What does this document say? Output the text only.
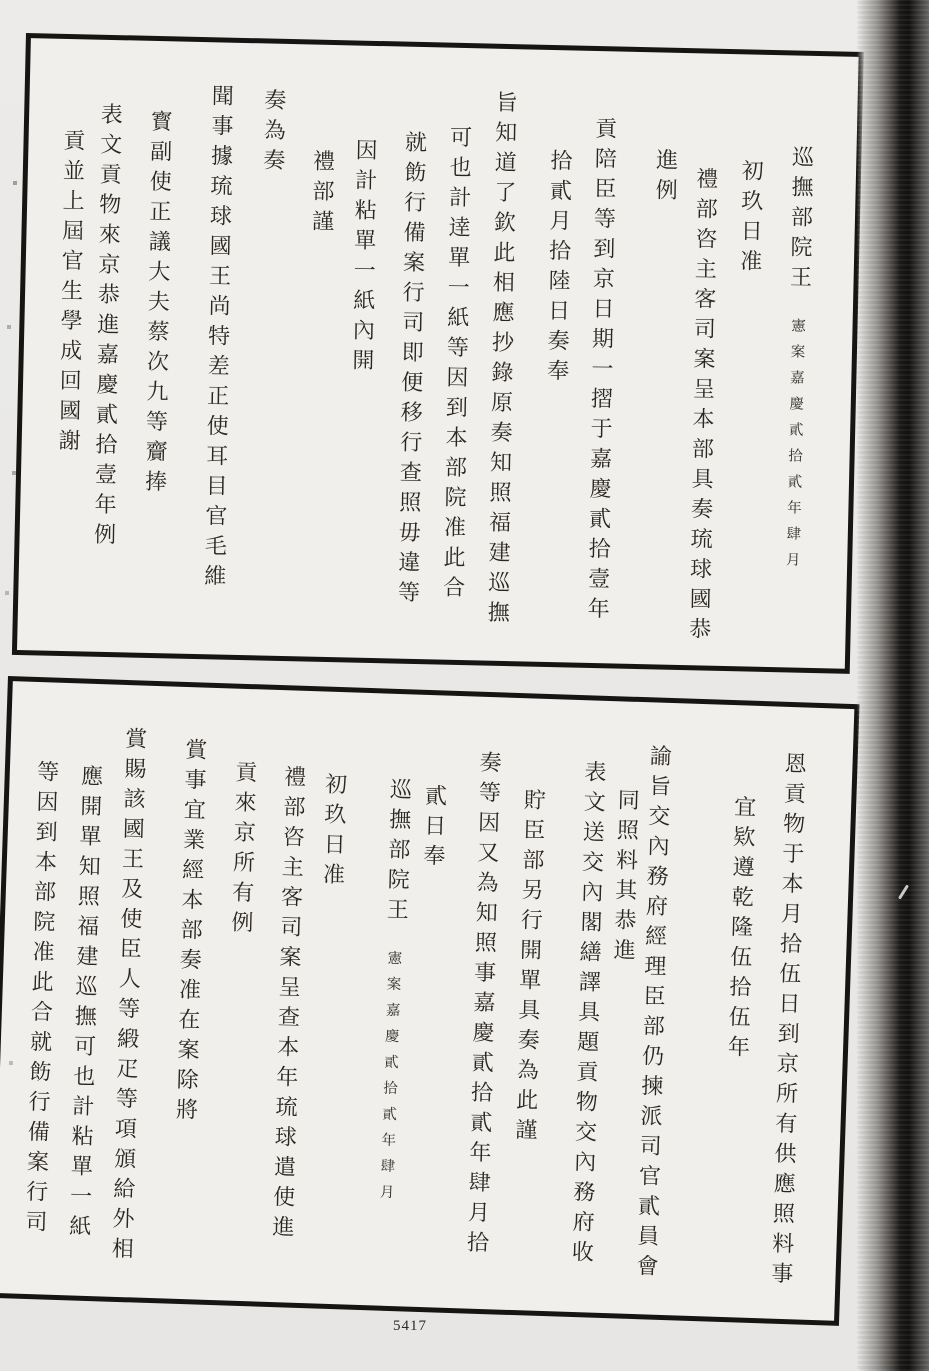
巡撫部院王
憲案嘉慶貳拾貳年肆月
初玖日准
禮部咨主客司案呈本部具奏琉球國恭
進例
貢陪臣等到京日期一摺于嘉慶貳拾壹年
拾貳月拾陸日奏奉
旨知道了欽此相應抄錄原奏知照福建巡撫
可也計逹單一紙等因到本部院准此合
就飭行備案行司即便移行查照毋違等
因計粘單一紙內開
禮部謹
奏為奏
聞事據琉球國王尚　特差正使耳目官毛維
寳副使正議大夫蔡次九等齎捧
表文貢物來京恭進嘉慶貳拾壹年例
貢並上屆官生學成回國謝
恩貢物于本月拾伍日到京所有供應照料事
宜欵遵乾隆伍拾伍年
諭旨交內務府經理臣部仍揀派司官貳員會
同照料其恭進
表文送交內閣繕譯具題貢物交內務府收
貯臣部另行開單具奏為此謹
奏等因又為知照事嘉慶貳拾貳年肆月拾
貳日奉
巡撫部院王
憲案嘉慶貳拾貳年肆月
初玖日准
禮部咨主客司案呈查本年琉球遣使進
貢來京所有例
賞事宜業經本部奏准在案除將
賞賜該國王及使臣人等緞疋等項頒給外相
應開單知照福建巡撫可也計粘單一紙
等因到本部院准此合就飭行備案行司
5417
